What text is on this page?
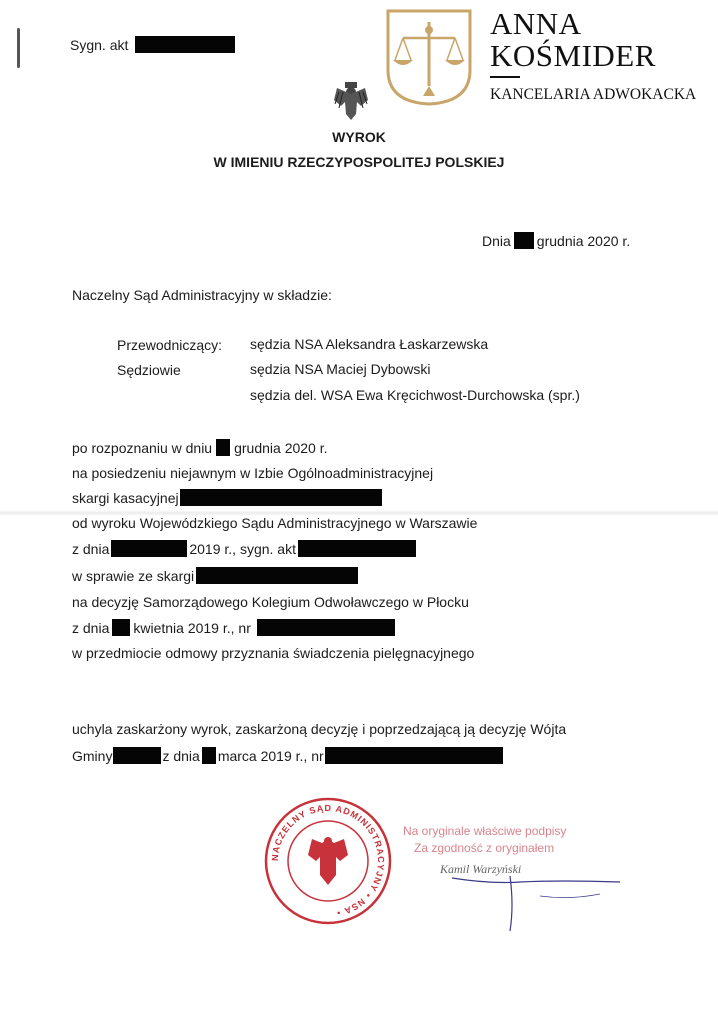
ANNA
KOŚMIDER
KANCELARIA ADWOKACKA
Sygn. akt
WYROK
W IMIENIU RZECZYPOSPOLITEJ POLSKIEJ
Dnia grudnia 2020 r.
Naczelny Sąd Administracyjny w składzie:
Przewodniczący: sędzia NSA Aleksandra Łaskarzewska
Sędziowie	sędzia NSA Maciej Dybowski
sędzia del. WSA Ewa Kręcichwost-Durchowska (spr.)
po rozpoznaniu w dniu grudnia 2020 r.
na posiedzeniu niejawnym w Izbie Ogólnoadministracyjnej
skargi kasacyjnej
od wyroku Wojewódzkiego Sądu Administracyjnego w Warszawie
z dnia	2019 r., sygn. akt
w sprawie ze skargi
na decyzję Samorządowego Kolegium Odwoławczego w Płocku
z dnia kwietnia 2019 r., nr
w przedmiocie odmowy przyznania świadczenia pielęgnacyjnego
uchyla zaskarżony wyrok, zaskarżoną decyzję i poprzedzającą ją decyzję Wójta
Gminy	z dnia marca 2019 r., nr
NACZELNY SĄD ADMINISTRACYJNY • NSA •
Na oryginale właściwe podpisy
Za zgodność z oryginałem
Kamil Warzyński
